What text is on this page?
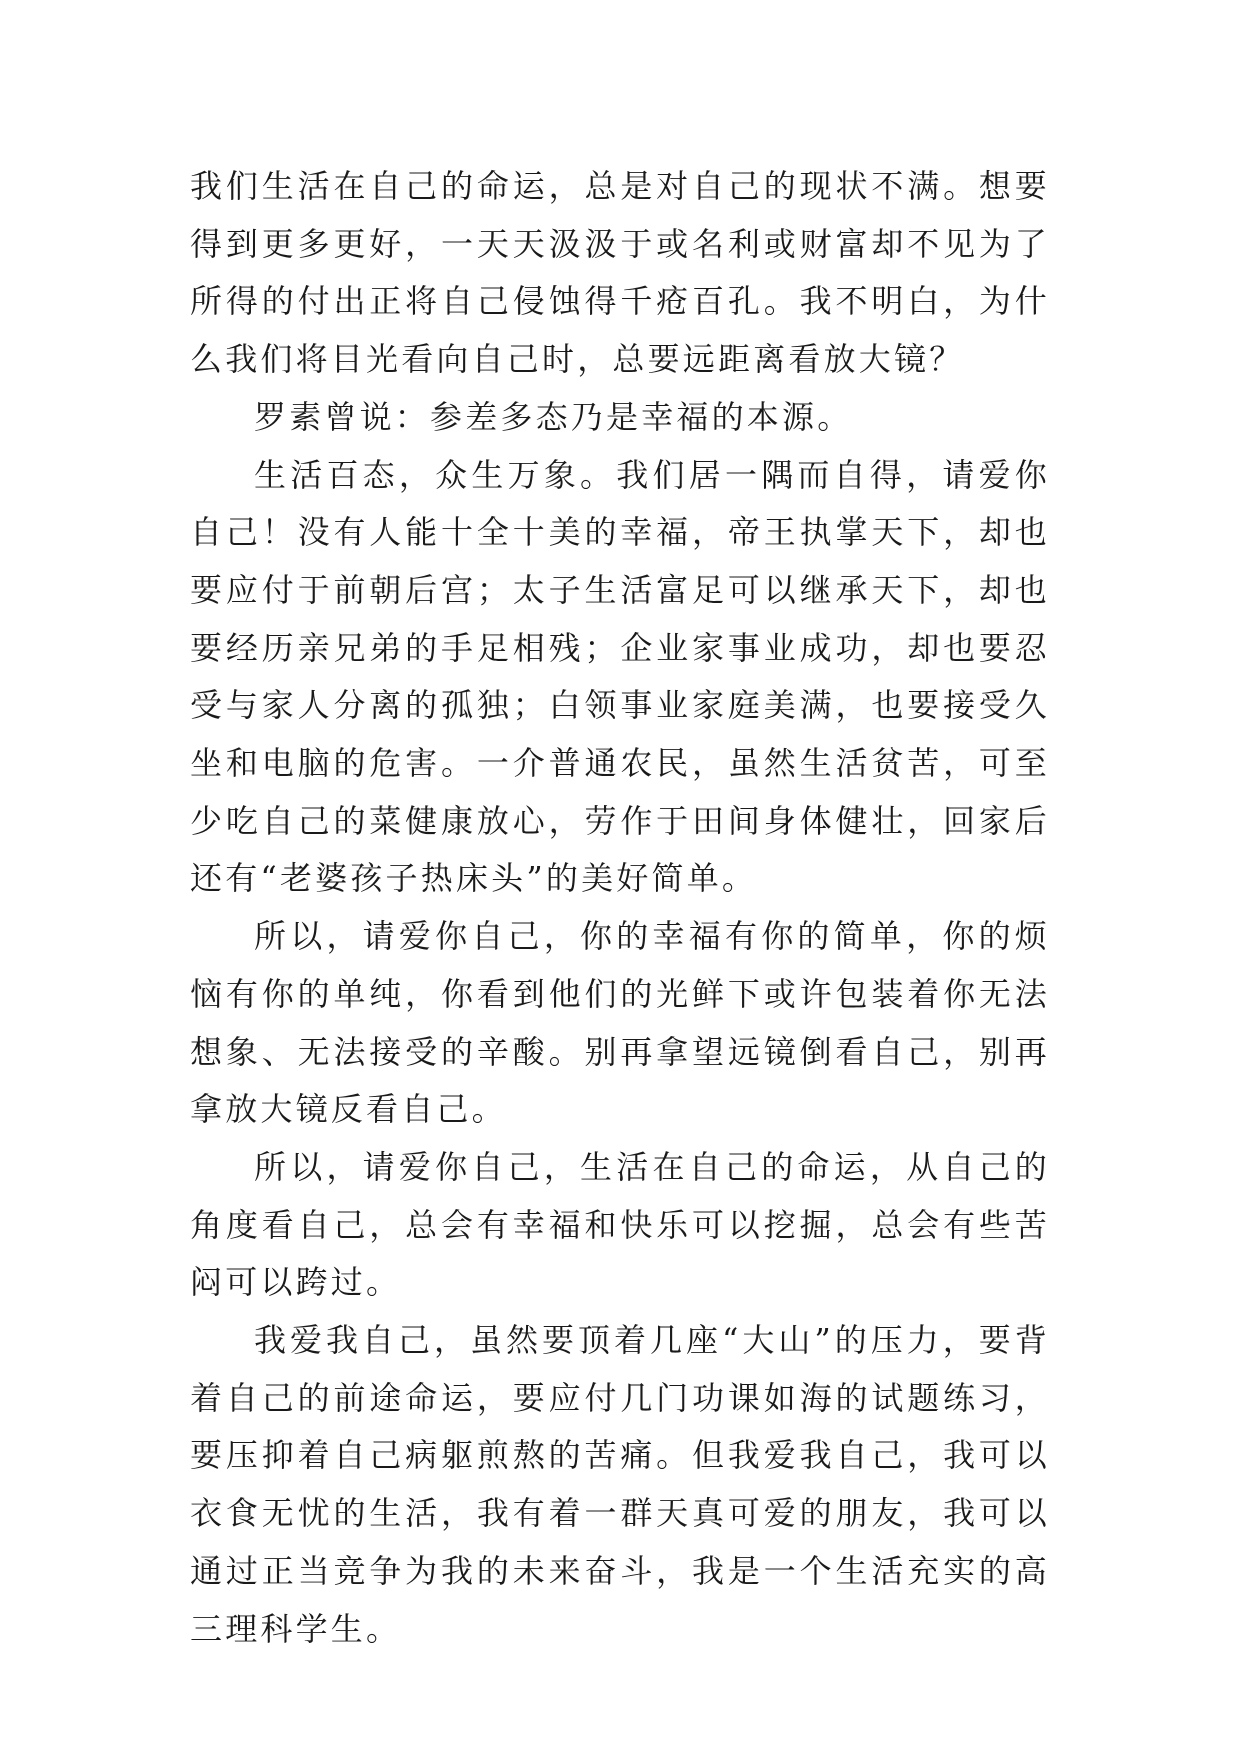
我们生活在自己的命运，总是对自己的现状不满。想要得到更多更好，一天天汲汲于或名利或财富却不见为了所得的付出正将自己侵蚀得千疮百孔。我不明白，为什么我们将目光看向自己时，总要远距离看放大镜？

罗素曾说：参差多态乃是幸福的本源。

生活百态，众生万象。我们居一隅而自得，请爱你自己！没有人能十全十美的幸福，帝王执掌天下，却也要应付于前朝后宫；太子生活富足可以继承天下，却也要经历亲兄弟的手足相残；企业家事业成功，却也要忍受与家人分离的孤独；白领事业家庭美满，也要接受久坐和电脑的危害。一介普通农民，虽然生活贫苦，可至少吃自己的菜健康放心，劳作于田间身体健壮，回家后还有“老婆孩子热床头”的美好简单。

所以，请爱你自己，你的幸福有你的简单，你的烦恼有你的单纯，你看到他们的光鲜下或许包装着你无法想象、无法接受的辛酸。别再拿望远镜倒看自己，别再拿放大镜反看自己。

所以，请爱你自己，生活在自己的命运，从自己的角度看自己，总会有幸福和快乐可以挖掘，总会有些苦闷可以跨过。

我爱我自己，虽然要顶着几座“大山”的压力，要背着自己的前途命运，要应付几门功课如海的试题练习，要压抑着自己病躯煎熬的苦痛。但我爱我自己，我可以衣食无忧的生活，我有着一群天真可爱的朋友，我可以通过正当竞争为我的未来奋斗，我是一个生活充实的高三理科学生。
